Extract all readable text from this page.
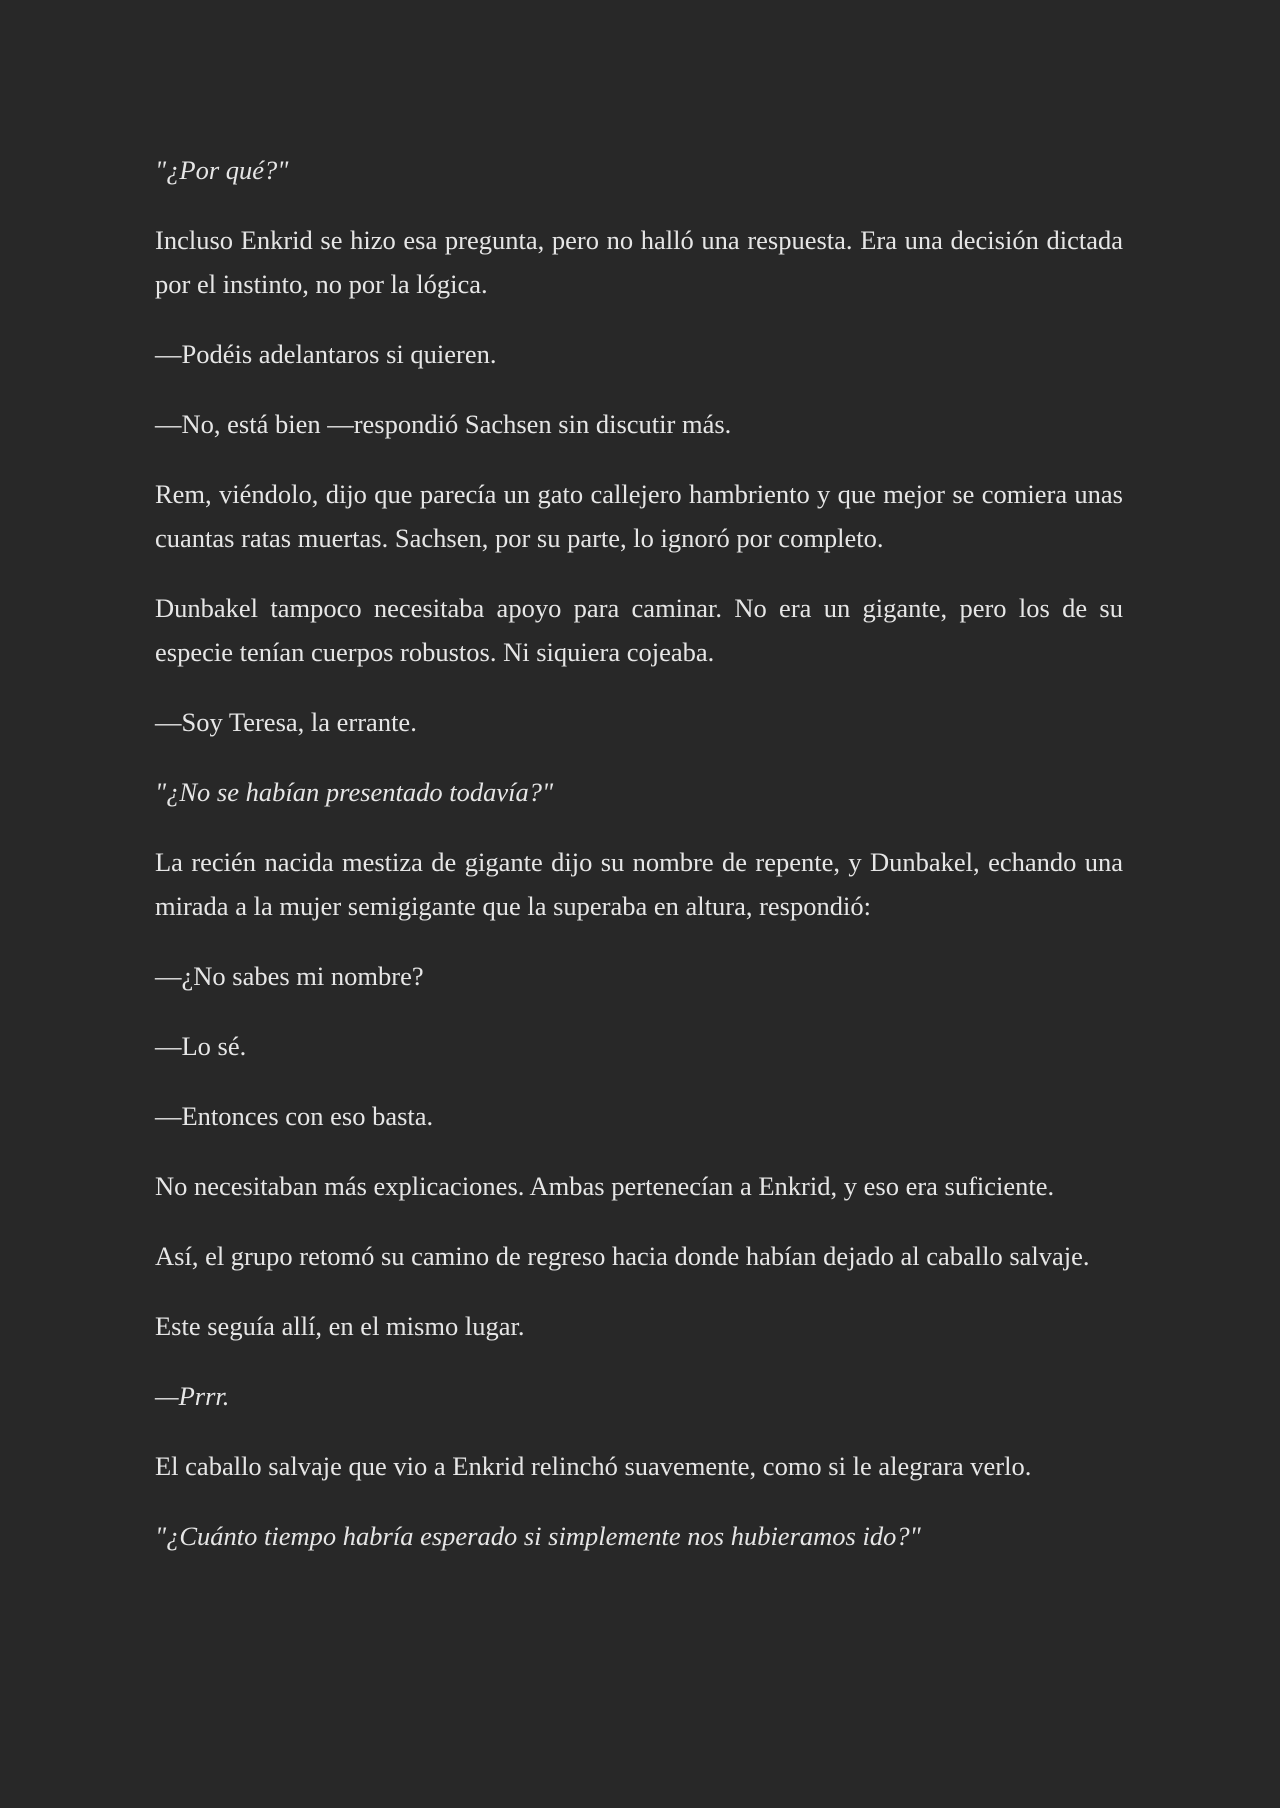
"¿Por qué?"

Incluso Enkrid se hizo esa pregunta, pero no halló una respuesta. Era una decisión dictada por el instinto, no por la lógica.

—Podéis adelantaros si quieren.

—No, está bien —respondió Sachsen sin discutir más.

Rem, viéndolo, dijo que parecía un gato callejero hambriento y que mejor se comiera unas cuantas ratas muertas. Sachsen, por su parte, lo ignoró por completo.

Dunbakel tampoco necesitaba apoyo para caminar. No era un gigante, pero los de su especie tenían cuerpos robustos. Ni siquiera cojeaba.

—Soy Teresa, la errante.

"¿No se habían presentado todavía?"

La recién nacida mestiza de gigante dijo su nombre de repente, y Dunbakel, echando una mirada a la mujer semigigante que la superaba en altura, respondió:

—¿No sabes mi nombre?

—Lo sé.

—Entonces con eso basta.

No necesitaban más explicaciones. Ambas pertenecían a Enkrid, y eso era suficiente.

Así, el grupo retomó su camino de regreso hacia donde habían dejado al caballo salvaje.

Este seguía allí, en el mismo lugar.

—Prrr.

El caballo salvaje que vio a Enkrid relinchó suavemente, como si le alegrara verlo.

"¿Cuánto tiempo habría esperado si simplemente nos hubieramos ido?"
